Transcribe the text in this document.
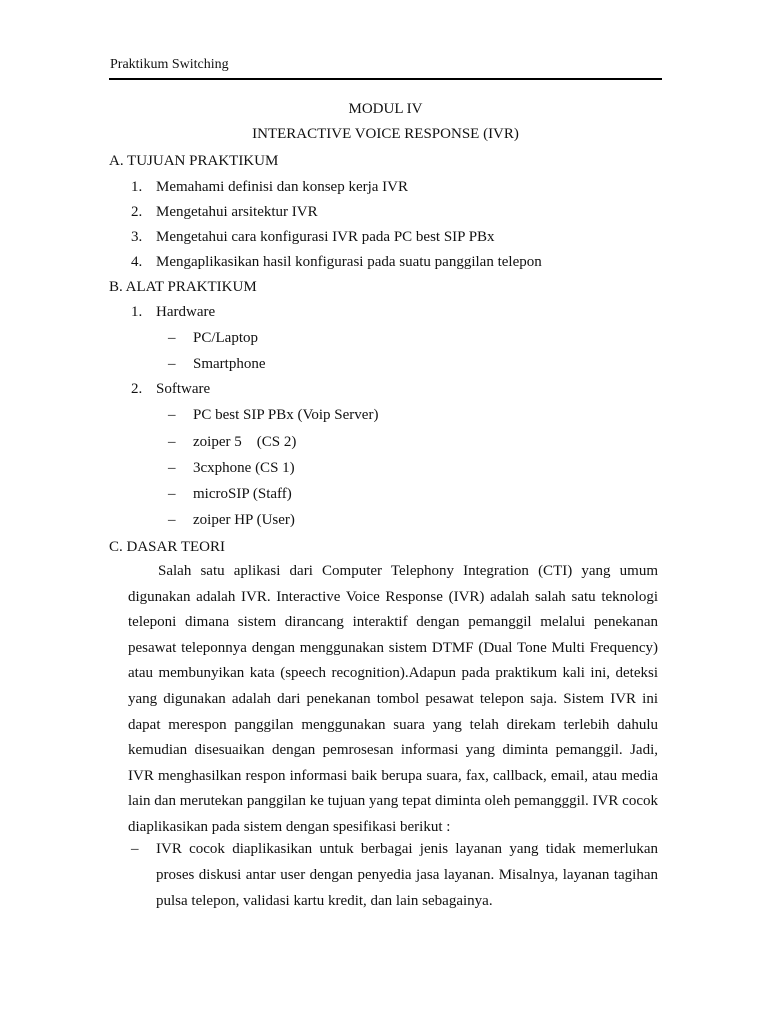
Praktikum Switching
MODUL IV
INTERACTIVE VOICE RESPONSE (IVR)
A. TUJUAN PRAKTIKUM
1. Memahami definisi dan konsep kerja IVR
2. Mengetahui arsitektur IVR
3. Mengetahui cara konfigurasi IVR pada PC best SIP PBx
4. Mengaplikasikan hasil konfigurasi pada suatu panggilan telepon
B. ALAT PRAKTIKUM
1. Hardware
– PC/Laptop
– Smartphone
2. Software
– PC best SIP PBx (Voip Server)
– zoiper 5    (CS 2)
– 3cxphone (CS 1)
– microSIP (Staff)
– zoiper HP (User)
C. DASAR TEORI
Salah satu aplikasi dari Computer Telephony Integration (CTI) yang umum digunakan adalah IVR. Interactive Voice Response (IVR) adalah salah satu teknologi teleponi dimana sistem dirancang interaktif dengan pemanggil melalui penekanan pesawat teleponnya dengan menggunakan sistem DTMF (Dual Tone Multi Frequency) atau membunyikan kata (speech recognition).Adapun pada praktikum kali ini, deteksi yang digunakan adalah dari penekanan tombol pesawat telepon saja. Sistem IVR ini dapat merespon panggilan menggunakan suara yang telah direkam terlebih dahulu kemudian disesuaikan dengan pemrosesan informasi yang diminta pemanggil. Jadi, IVR menghasilkan respon informasi baik berupa suara, fax, callback, email, atau media lain dan merutekan panggilan ke tujuan yang tepat diminta oleh pemangggil. IVR cocok diaplikasikan pada sistem dengan spesifikasi berikut :
– IVR cocok diaplikasikan untuk berbagai jenis layanan yang tidak memerlukan proses diskusi antar user dengan penyedia jasa layanan. Misalnya, layanan tagihan pulsa telepon, validasi kartu kredit, dan lain sebagainya.
